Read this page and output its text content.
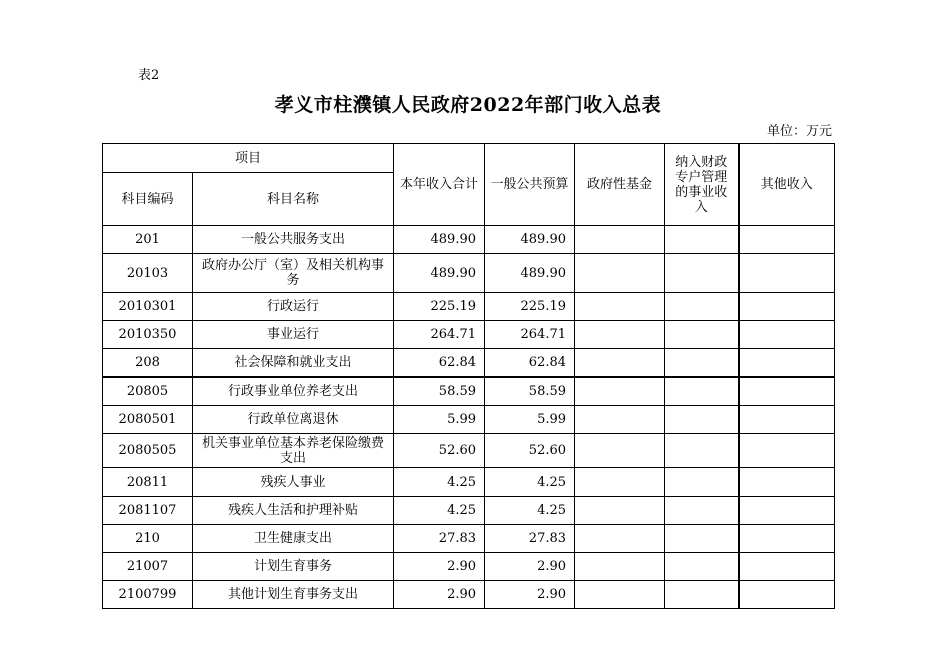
表2
孝义市柱濮镇人民政府2022年部门收入总表
单位：万元
项目		本年收入合计	一般公共预算	政府性基金	纳入财政专户管理的事业收入	其他收入
科目编码	科目名称					
201	一般公共服务支出	489.90	489.90			
20103	政府办公厅（室）及相关机构事务	489.90	489.90			
2010301	行政运行	225.19	225.19			
2010350	事业运行	264.71	264.71			
208	社会保障和就业支出	62.84	62.84			
20805	行政事业单位养老支出	58.59	58.59			
2080501	行政单位离退休	5.99	5.99			
2080505	机关事业单位基本养老保险缴费支出	52.60	52.60			
20811	残疾人事业	4.25	4.25			
2081107	残疾人生活和护理补贴	4.25	4.25			
210	卫生健康支出	27.83	27.83			
21007	计划生育事务	2.90	2.90			
2100799	其他计划生育事务支出	2.90	2.90			
